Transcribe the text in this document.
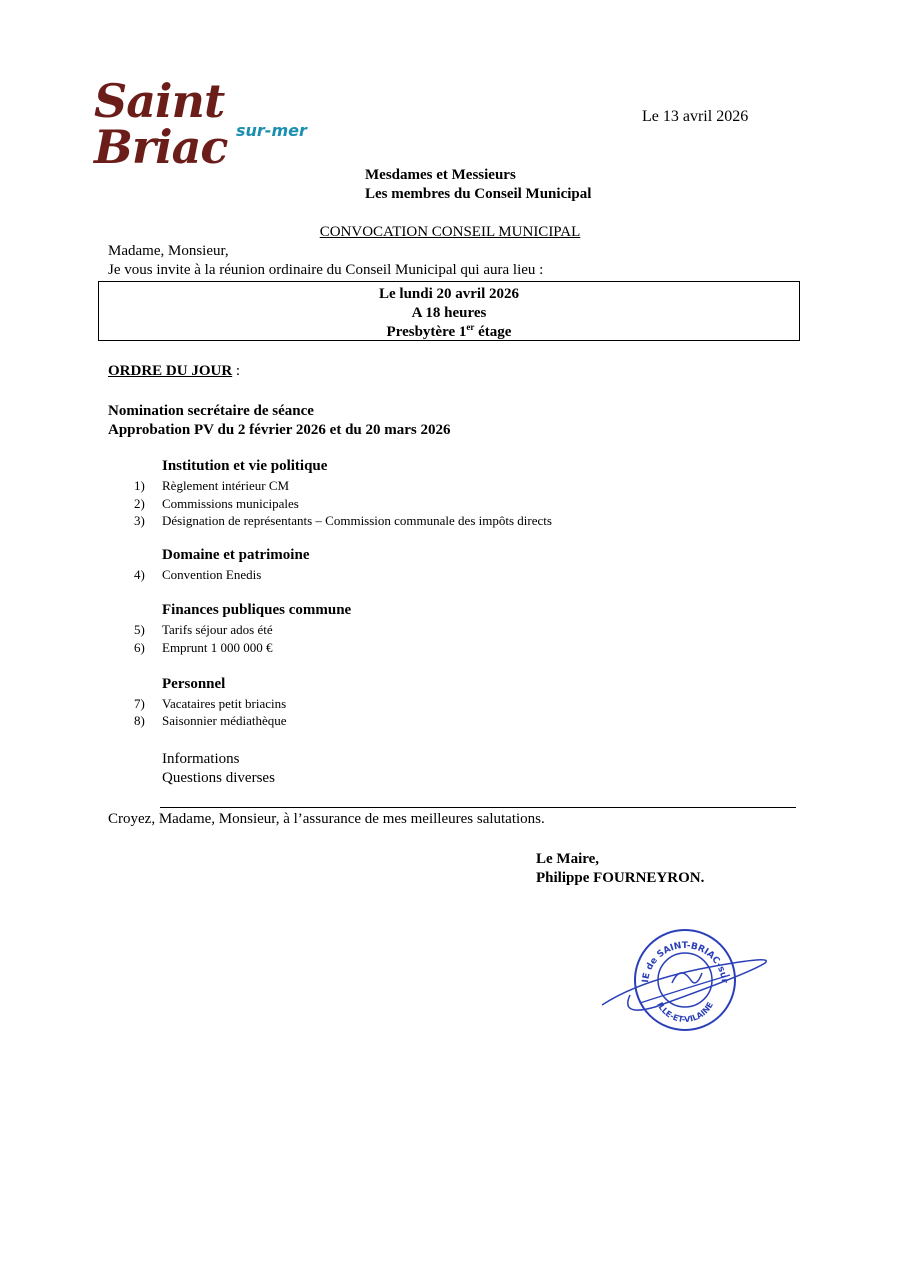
Saint Briac sur-mer
Le 13 avril 2026
Mesdames et Messieurs
Les membres du Conseil Municipal
CONVOCATION CONSEIL MUNICIPAL
Madame, Monsieur,
Je vous invite à la réunion ordinaire du Conseil Municipal qui aura lieu :
Le lundi 20 avril 2026
A 18 heures
Presbytère 1er étage
ORDRE DU JOUR :
Nomination secrétaire de séance
Approbation PV du 2 février 2026 et du 20 mars 2026
Institution et vie politique
1) Règlement intérieur CM
2) Commissions municipales
3) Désignation de représentants – Commission communale des impôts directs
Domaine et patrimoine
4) Convention Enedis
Finances publiques commune
5) Tarifs séjour ados été
6) Emprunt 1 000 000 €
Personnel
7) Vacataires petit briacins
8) Saisonnier médiathèque
Informations
Questions diverses
Croyez, Madame, Monsieur, à l’assurance de mes meilleures salutations.
Le Maire,
Philippe FOURNEYRON.
IE de SAINT-BRIAC-sur
ILLE-ET-VILAINE
